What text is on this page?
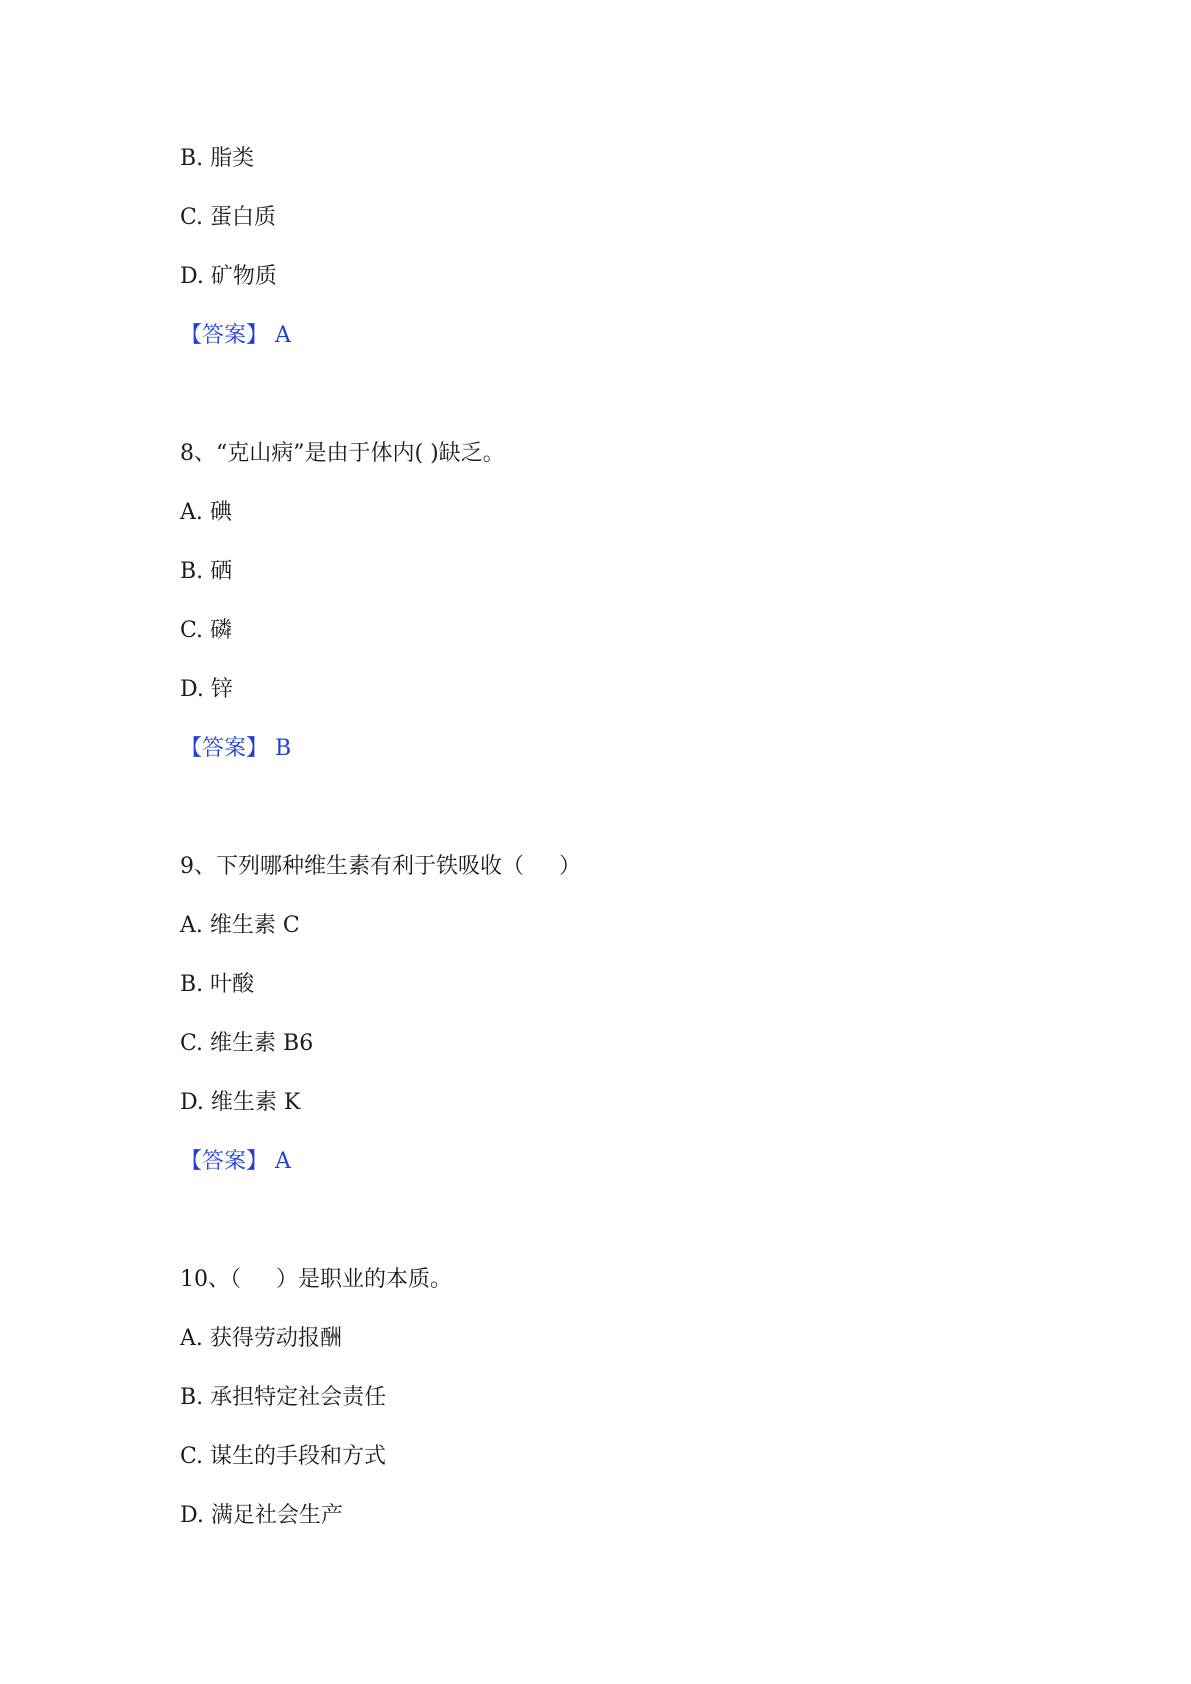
B. 脂类
C. 蛋白质
D. 矿物质
【答案】 A
8、“克山病”是由于体内( )缺乏。
A. 碘
B. 硒
C. 磷
D. 锌
【答案】 B
9、下列哪种维生素有利于铁吸收（     ）
A. 维生素 C
B. 叶酸
C. 维生素 B6
D. 维生素 K
【答案】 A
10、（     ）是职业的本质。
A. 获得劳动报酬
B. 承担特定社会责任
C. 谋生的手段和方式
D. 满足社会生产
